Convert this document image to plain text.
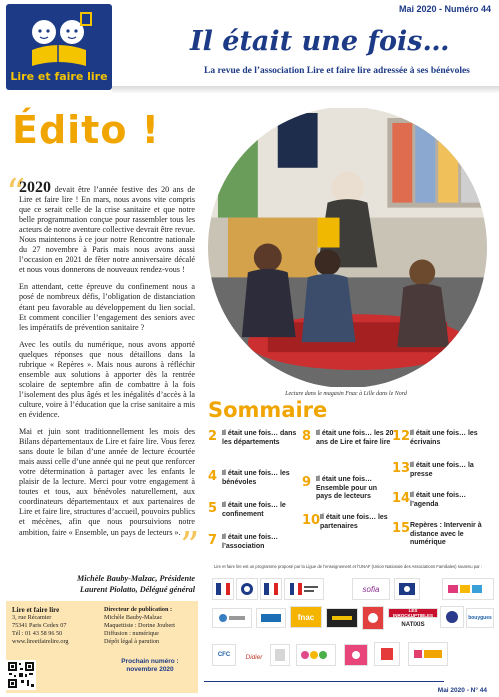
Lire et faire lire
Mai 2020 - Numéro 44
Il était une fois…
La revue de l’association Lire et faire lire adressée à ses bénévoles
Édito !
“

2020 devait être l’année festive des 20 ans de Lire et faire lire ! En mars, nous avons vite compris que ce serait celle de la crise sanitaire et que notre belle programmation conçue pour rassembler tous les acteurs de notre aventure collective devrait être revue. Nous maintenons à ce jour notre Rencontre nationale du 27 novembre à Paris mais nous avons aussi l’occasion en 2021 de fêter notre anniversaire décalé et nous vous donnerons de nouveaux rendez-vous !

En attendant, cette épreuve du confinement nous a posé de nombreux défis, l’obligation de distanciation étant peu favorable au développement du lien social. Et comment concilier l’engagement des seniors avec les impératifs de prévention sanitaire ?

Avec les outils du numérique, nous avons apporté quelques réponses que nous détaillons dans la rubrique « Repères ». Mais nous aurons à réfléchir ensemble aux solutions à apporter dès la rentrée scolaire de septembre afin de combattre à la fois l’isolement des plus âgés et les inégalités d’accès à la culture, voire à l’éducation que la crise sanitaire a mis en évidence.

Mai et juin sont traditionnellement les mois des Bilans départementaux de Lire et faire lire. Vous ferez sans doute le bilan d’une année de lecture écourtée mais aussi celle d’une année qui ne peut que renforcer votre détermination à partager avec les enfants le plaisir de la lecture. Merci pour votre engagement à toutes et tous, aux bénévoles naturellement, aux coordinateurs départementaux et aux partenaires de Lire et faire lire, structures d’accueil, pouvoirs publics et mécènes, afin que nous poursuivions notre ambition, faire « Ensemble, un pays de lecteurs ». ”
Michèle Bauby-Malzac, Présidente
Laurent Piolatto, Délégué général
Lecture dans le magasin Fnac à Lille dans le Nord
Sommaire
2 Il était une fois… dans les départements
4 Il était une fois… les bénévoles
5 Il était une fois… le confinement
7 Il était une fois… l’association
8 Il était une fois… les 20 ans de Lire et faire lire
9 Il était une fois… Ensemble pour un pays de lecteurs
10 Il était une fois… les partenaires
12 Il était une fois… les écrivains
13 Il était une fois… la presse
14 Il était une fois… l’agenda
15 Repères : Intervenir à distance avec le numérique
Lire et faire lire est un programme proposé par la Ligue de l’enseignement et l’UNAF (Union Nationale des Associations Familiales) soutenu par :
sofia
fnac
LES INROCKUPTIBLES
NATIXIS
bouygues
CFC	Didier
Lire et faire lire
3, rue Récamier
75341 Paris Cedex 07
Tél : 01 43 58 96 50
www.lireetfairelire.org
Directeur de publication :
Michèle Bauby-Malzac
Maquettiste : Dorine Joubert
Diffusion : numérique
Dépôt légal à parution
Prochain numéro :
novembre 2020
Mai 2020 - N° 44
